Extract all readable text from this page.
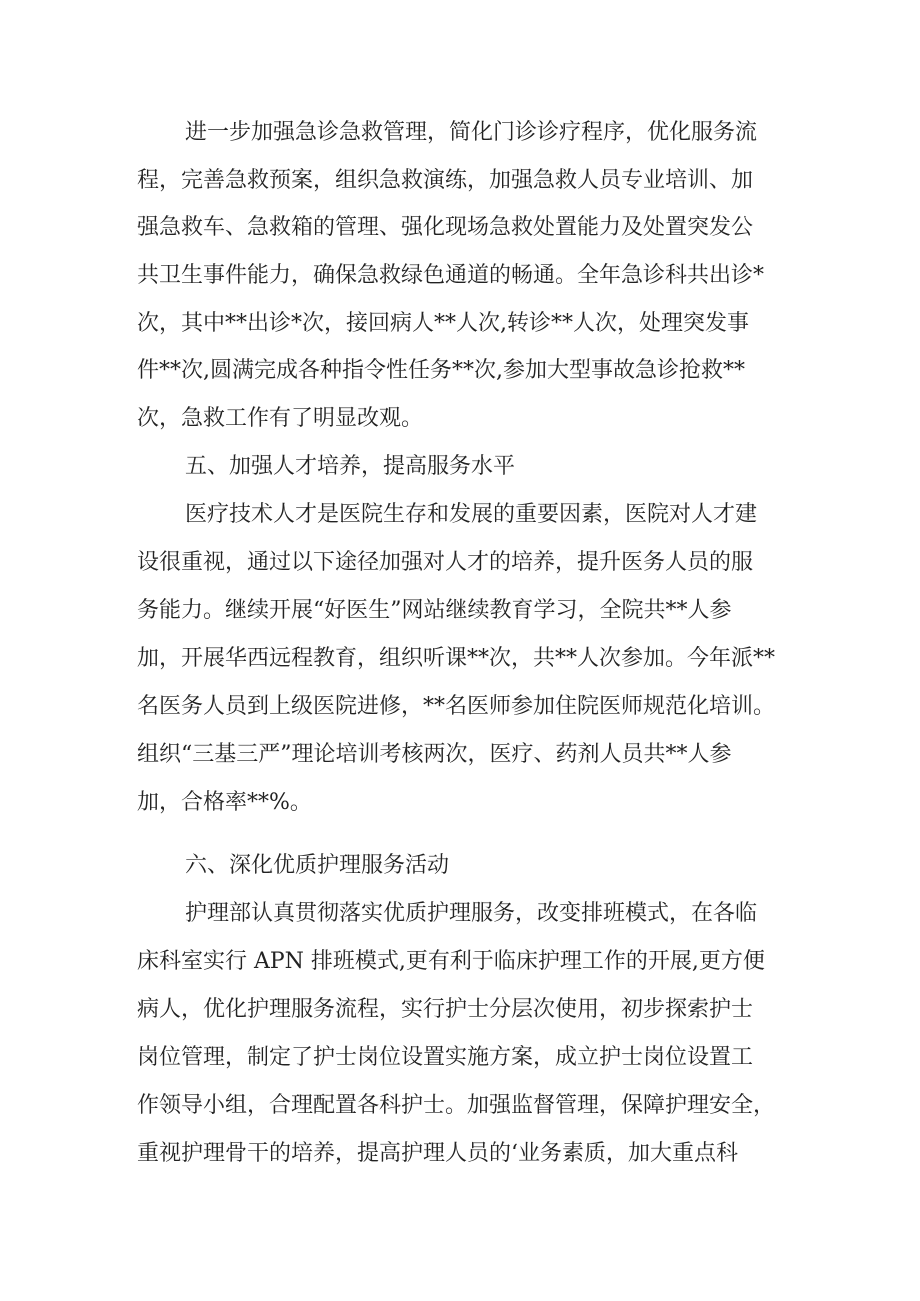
进一步加强急诊急救管理，简化门诊诊疗程序，优化服务流
程，完善急救预案，组织急救演练，加强急救人员专业培训、加
强急救车、急救箱的管理、强化现场急救处置能力及处置突发公
共卫生事件能力，确保急救绿色通道的畅通。全年急诊科共出诊*
次，其中**出诊*次，接回病人**人次,转诊**人次，处理突发事
件**次,圆满完成各种指令性任务**次,参加大型事故急诊抢救**
次，急救工作有了明显改观。
五、加强人才培养，提高服务水平
医疗技术人才是医院生存和发展的重要因素，医院对人才建
设很重视，通过以下途径加强对人才的培养，提升医务人员的服
务能力。继续开展“好医生”网站继续教育学习，全院共**人参
加，开展华西远程教育，组织听课**次，共**人次参加。今年派**
名医务人员到上级医院进修，**名医师参加住院医师规范化培训。
组织“三基三严”理论培训考核两次，医疗、药剂人员共**人参
加，合格率**%。
六、深化优质护理服务活动
护理部认真贯彻落实优质护理服务，改变排班模式，在各临
床科室实行 APN 排班模式,更有利于临床护理工作的开展,更方便
病人，优化护理服务流程，实行护士分层次使用，初步探索护士
岗位管理，制定了护士岗位设置实施方案，成立护士岗位设置工
作领导小组，合理配置各科护士。加强监督管理，保障护理安全，
重视护理骨干的培养，提高护理人员的‘业务素质，加大重点科
